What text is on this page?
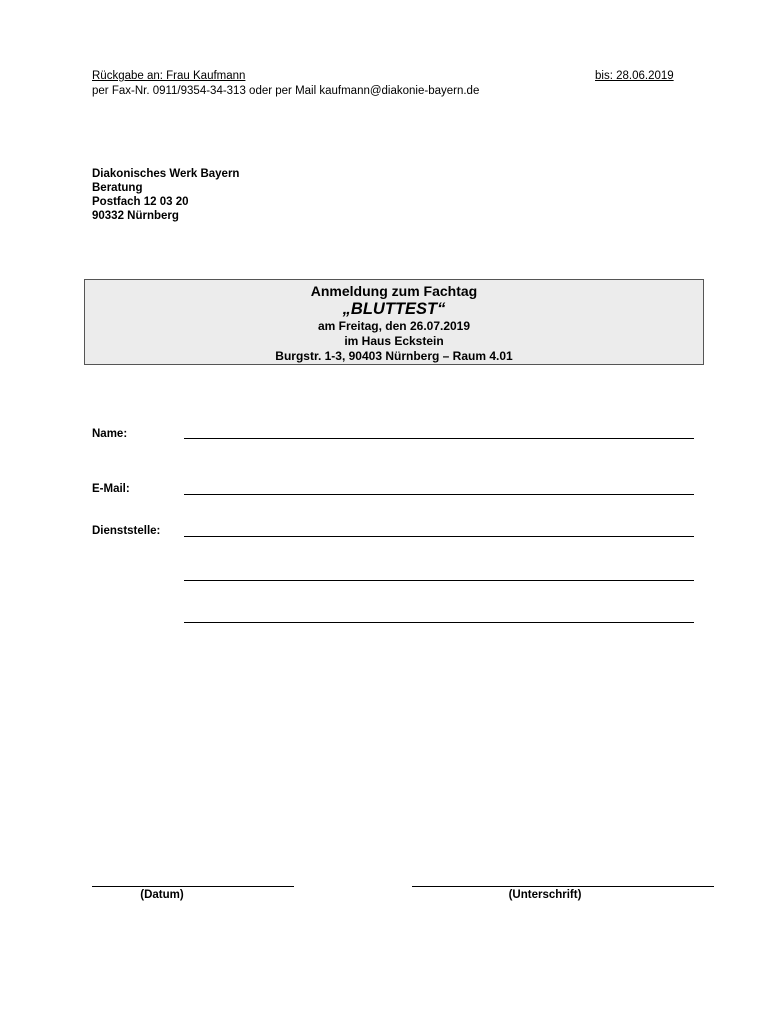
Rückgabe an: Frau Kaufmann	bis: 28.06.2019
per Fax-Nr. 0911/9354-34-313 oder per Mail kaufmann@diakonie-bayern.de
Diakonisches Werk Bayern
Beratung
Postfach 12 03 20
90332 Nürnberg
Anmeldung zum Fachtag
„BLUTTEST“
am Freitag, den 26.07.2019
im Haus Eckstein
Burgstr. 1-3, 90403 Nürnberg – Raum 4.01
Name:
E-Mail:
Dienststelle:
(Datum)	(Unterschrift)
